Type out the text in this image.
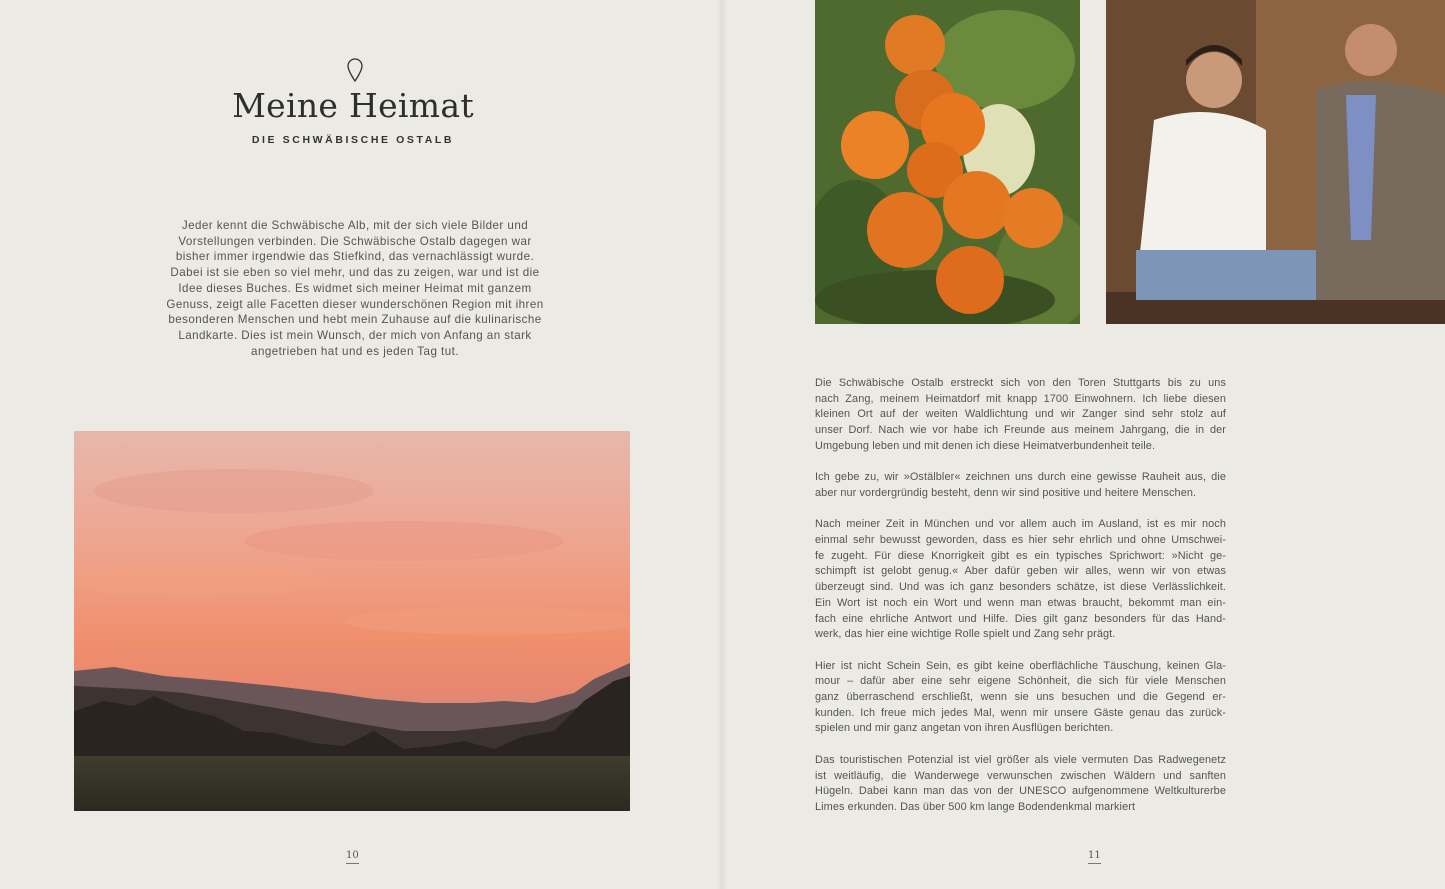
Meine Heimat
DIE SCHWÄBISCHE OSTALB
Jeder kennt die Schwäbische Alb, mit der sich viele Bilder und
Vorstellungen verbinden. Die Schwäbische Ostalb dagegen war
bisher immer irgendwie das Stiefkind, das vernachlässigt wurde.
Dabei ist sie eben so viel mehr, und das zu zeigen, war und ist die
Idee dieses Buches. Es widmet sich meiner Heimat mit ganzem
Genuss, zeigt alle Facetten dieser wunderschönen Region mit ihren
besonderen Menschen und hebt mein Zuhause auf die kulinarische
Landkarte. Dies ist mein Wunsch, der mich von Anfang an stark
angetrieben hat und es jeden Tag tut.
10

Die Schwäbische Ostalb erstreckt sich von den Toren Stuttgarts bis zu uns
nach Zang, meinem Heimatdorf mit knapp 1700 Einwohnern. Ich liebe diesen
kleinen Ort auf der weiten Waldlichtung und wir Zanger sind sehr stolz auf
unser Dorf. Nach wie vor habe ich Freunde aus meinem Jahrgang, die in der
Umgebung leben und mit denen ich diese Heimatverbundenheit teile.

Ich gebe zu, wir »Ostälbler« zeichnen uns durch eine gewisse Rauheit aus, die
aber nur vordergründig besteht, denn wir sind positive und heitere Menschen.

Nach meiner Zeit in München und vor allem auch im Ausland, ist es mir noch
einmal sehr bewusst geworden, dass es hier sehr ehrlich und ohne Umschwei-
fe zugeht. Für diese Knorrigkeit gibt es ein typisches Sprichwort: »Nicht ge-
schimpft ist gelobt genug.« Aber dafür geben wir alles, wenn wir von etwas
überzeugt sind. Und was ich ganz besonders schätze, ist diese Verlässlichkeit.
Ein Wort ist noch ein Wort und wenn man etwas braucht, bekommt man ein-
fach eine ehrliche Antwort und Hilfe. Dies gilt ganz besonders für das Hand-
werk, das hier eine wichtige Rolle spielt und Zang sehr prägt.

Hier ist nicht Schein Sein, es gibt keine oberflächliche Täuschung, keinen Gla-
mour – dafür aber eine sehr eigene Schönheit, die sich für viele Menschen
ganz überraschend erschließt, wenn sie uns besuchen und die Gegend er-
kunden. Ich freue mich jedes Mal, wenn mir unsere Gäste genau das zurück-
spielen und mir ganz angetan von ihren Ausflügen berichten.

Das touristischen Potenzial ist viel größer als viele vermuten Das Radwegenetz
ist weitläufig, die Wanderwege verwunschen zwischen Wäldern und sanften
Hügeln. Dabei kann man das von der UNESCO aufgenommene Weltkulturerbe
Limes erkunden. Das über 500 km lange Bodendenkmal markiert

11
